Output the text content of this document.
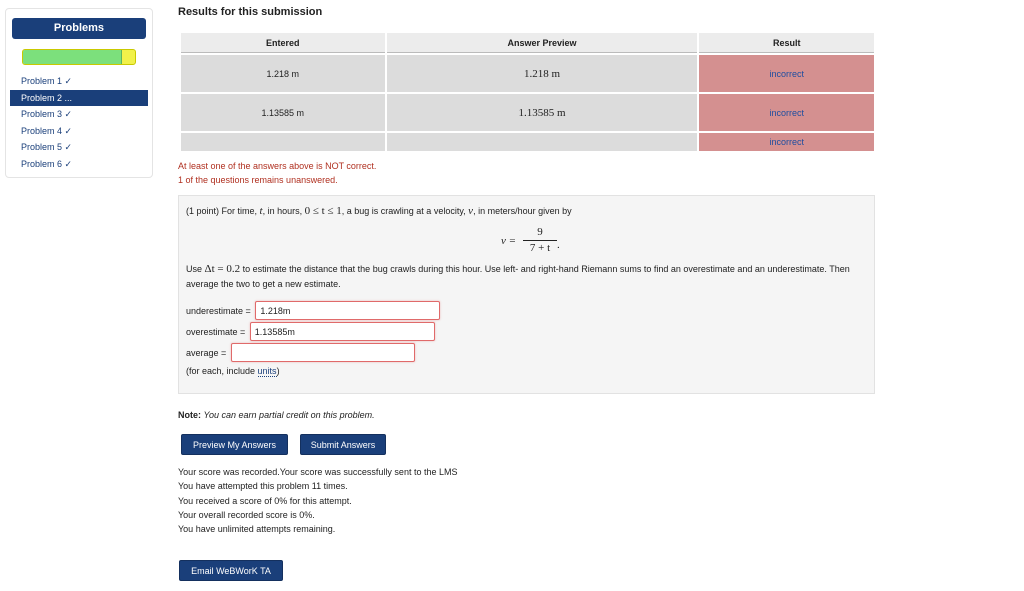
Problems
Problem 1 ✓
Problem 2 ...
Problem 3 ✓
Problem 4 ✓
Problem 5 ✓
Problem 6 ✓
Results for this submission
Entered	Answer Preview	Result
1.218 m	1.218 m	incorrect
1.13585 m	1.13585 m	incorrect
		incorrect
At least one of the answers above is NOT correct.
1 of the questions remains unanswered.
(1 point) For time, t, in hours, 0 ≤ t ≤ 1, a bug is crawling at a velocity, v, in meters/hour given by
v =
9
7 + t .
Use Δt = 0.2 to estimate the distance that the bug crawls during this hour. Use left- and right-hand Riemann sums to find an overestimate and an underestimate. Then average the two to get a new estimate.
underestimate = 1.218m
overestimate = 1.13585m
average =
(for each, include units)
Note: You can earn partial credit on this problem.
Preview My Answers	Submit Answers
Your score was recorded.Your score was successfully sent to the LMS
You have attempted this problem 11 times.
You received a score of 0% for this attempt.
Your overall recorded score is 0%.
You have unlimited attempts remaining.
Email WeBWorK TA
